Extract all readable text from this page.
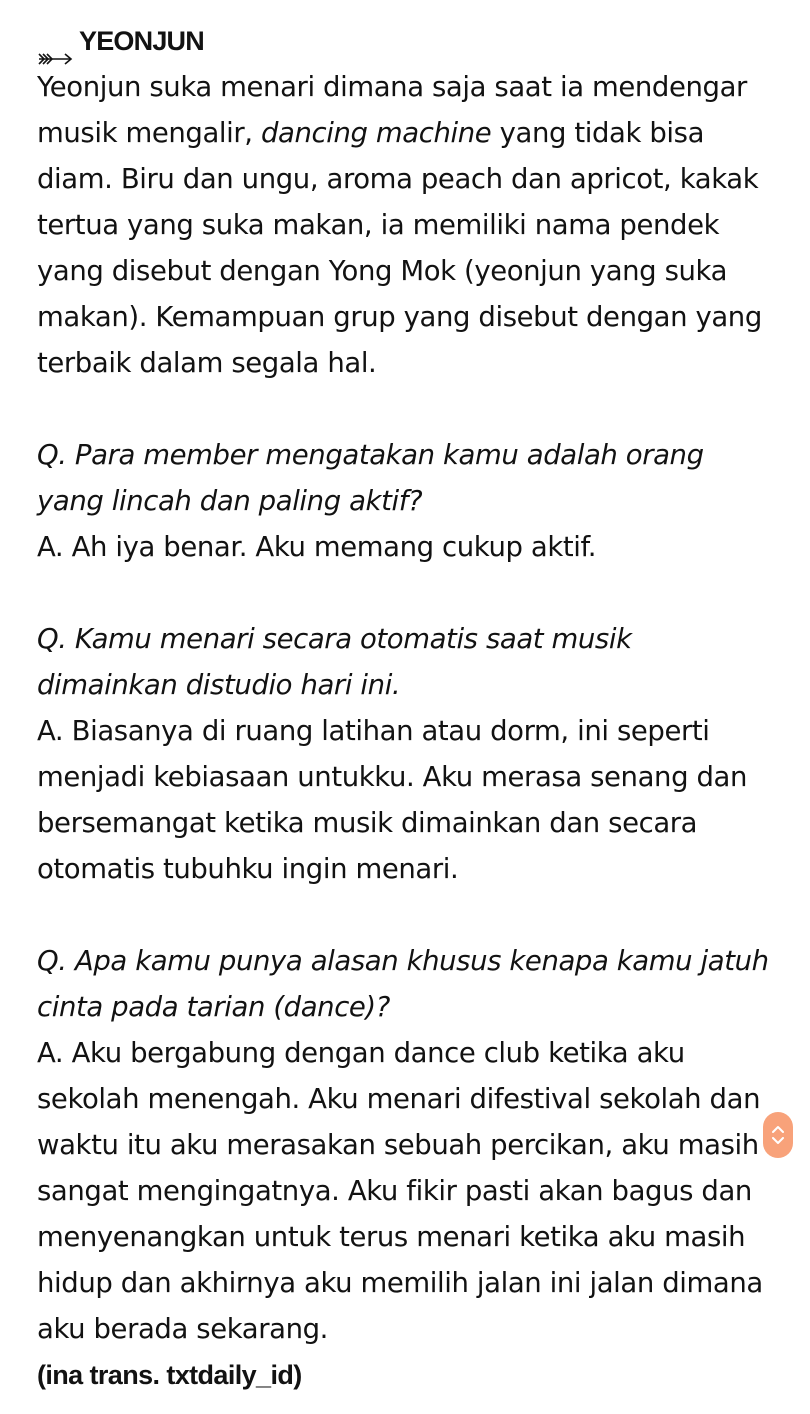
YEONJUN

Yeonjun suka menari dimana saja saat ia mendengar musik mengalir, dancing machine yang tidak bisa diam. Biru dan ungu, aroma peach dan apricot, kakak tertua yang suka makan, ia memiliki nama pendek yang disebut dengan Yong Mok (yeonjun yang suka makan). Kemampuan grup yang disebut dengan yang terbaik dalam segala hal.

Q. Para member mengatakan kamu adalah orang yang lincah dan paling aktif?

A. Ah iya benar. Aku memang cukup aktif.

Q. Kamu menari secara otomatis saat musik dimainkan distudio hari ini.

A. Biasanya di ruang latihan atau dorm, ini seperti menjadi kebiasaan untukku. Aku merasa senang dan bersemangat ketika musik dimainkan dan secara otomatis tubuhku ingin menari.

Q. Apa kamu punya alasan khusus kenapa kamu jatuh cinta pada tarian (dance)?

A. Aku bergabung dengan dance club ketika aku sekolah menengah. Aku menari difestival sekolah dan waktu itu aku merasakan sebuah percikan, aku masih sangat mengingatnya. Aku fikir pasti akan bagus dan menyenangkan untuk terus menari ketika aku masih hidup dan akhirnya aku memilih jalan ini jalan dimana aku berada sekarang.

(ina trans. txtdaily_id)
